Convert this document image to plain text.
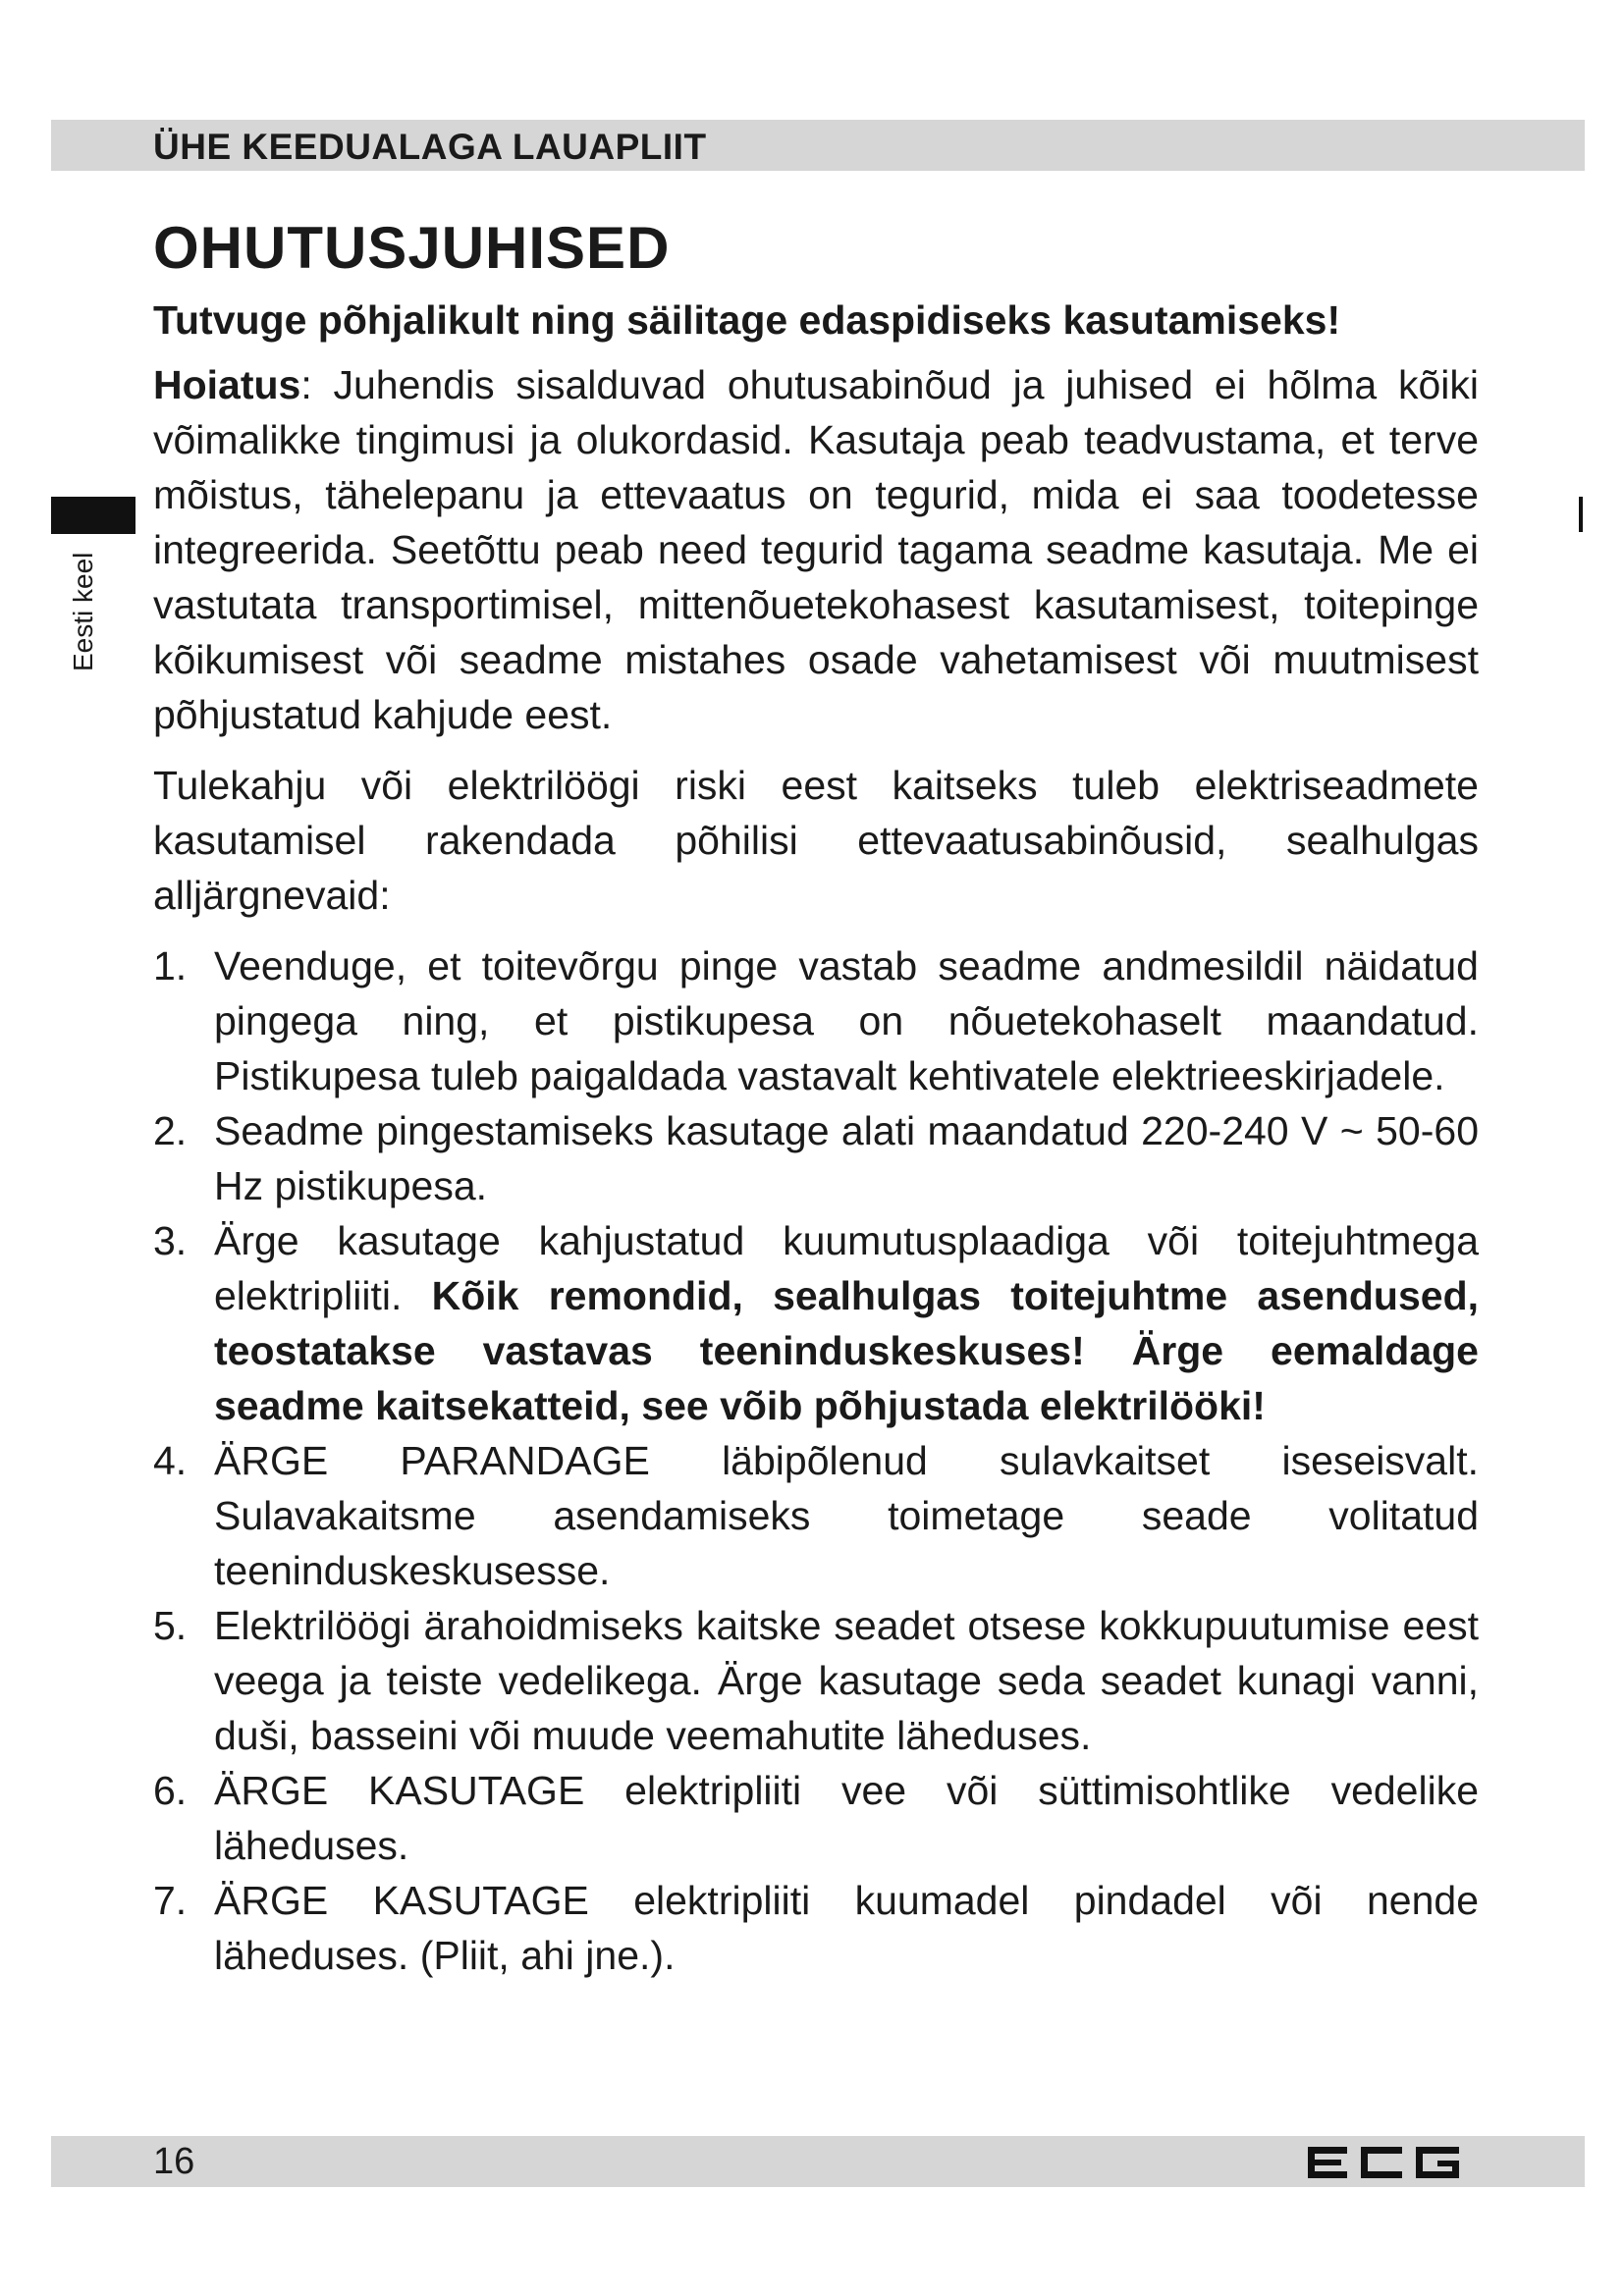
ÜHE KEEDUALAGA LAUAPLIIT
Eesti keel
OHUTUSJUHISED
Tutvuge põhjalikult ning säilitage edaspidiseks kasutamiseks!

Hoiatus: Juhendis sisalduvad ohutusabinõud ja juhised ei hõlma kõiki võimalikke tingimusi ja olukordasid. Kasutaja peab teadvustama, et terve mõistus, tähelepanu ja ettevaatus on tegurid, mida ei saa toodetesse integreerida. Seetõttu peab need tegurid tagama seadme kasutaja. Me ei vastutata transportimisel, mittenõuetekohasest kasutamisest, toitepinge kõikumisest või seadme mistahes osade vahetamisest või muutmisest põhjustatud kahjude eest.

Tulekahju või elektrilöögi riski eest kaitseks tuleb elektriseadmete kasutamisel rakendada põhilisi ettevaatusabinõusid, sealhulgas alljärgnevaid:

1. Veenduge, et toitevõrgu pinge vastab seadme andmesildil näidatud pingega ning, et pistikupesa on nõuetekohaselt maandatud. Pistikupesa tuleb paigaldada vastavalt kehtivatele elektrieeskirjadele.
2. Seadme pingestamiseks kasutage alati maandatud 220-240 V ~ 50-60 Hz pistikupesa.
3. Ärge kasutage kahjustatud kuumutusplaadiga või toitejuhtmega elektripliiti. Kõik remondid, sealhulgas toitejuhtme asendused, teostatakse vastavas teeninduskeskuses! Ärge eemaldage seadme kaitsekatteid, see võib põhjustada elektrilööki!
4. ÄRGE PARANDAGE läbipõlenud sulavkaitset iseseisvalt. Sulavakaitsme asendamiseks toimetage seade volitatud teeninduskeskusesse.
5. Elektrilöögi ärahoidmiseks kaitske seadet otsese kokkupuutumise eest veega ja teiste vedelikega. Ärge kasutage seda seadet kunagi vanni, duši, basseini või muude veemahutite läheduses.
6. ÄRGE KASUTAGE elektripliiti vee või süttimisohtlike vedelike läheduses.
7. ÄRGE KASUTAGE elektripliiti kuumadel pindadel või nende läheduses. (Pliit, ahi jne.).
16
